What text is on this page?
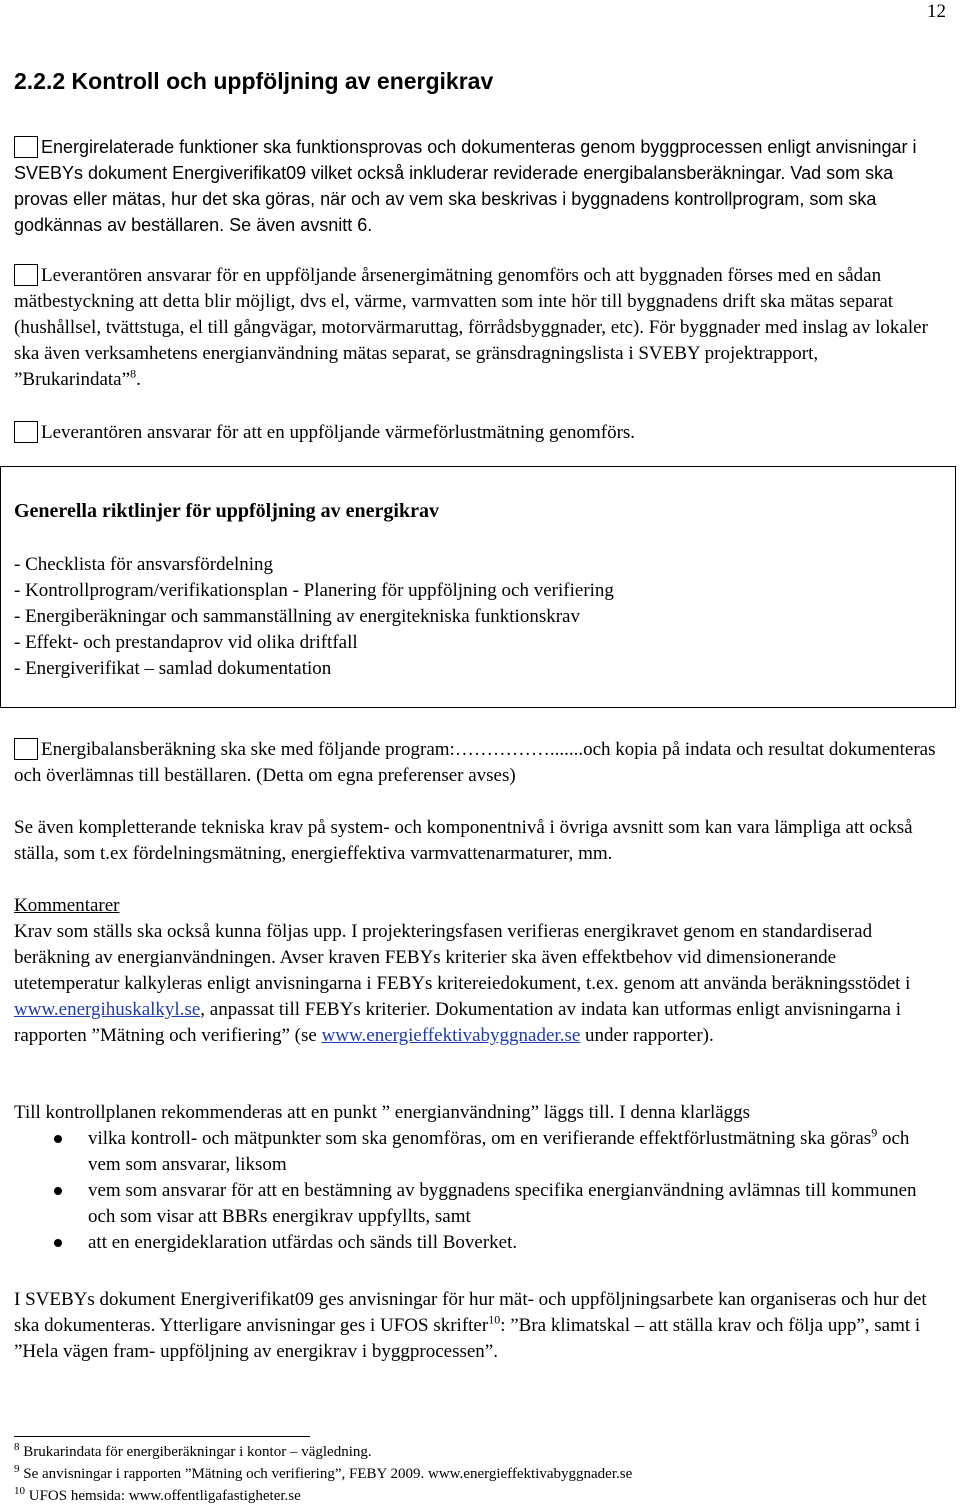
12
2.2.2 Kontroll och uppföljning av energikrav

Energirelaterade funktioner ska funktionsprovas och dokumenteras genom byggprocessen enligt anvisningar i SVEBYs dokument Energiverifikat09 vilket också inkluderar reviderade energibalansberäkningar. Vad som ska provas eller mätas, hur det ska göras, när och av vem ska beskrivas i byggnadens kontrollprogram, som ska godkännas av beställaren. Se även avsnitt 6.

Leverantören ansvarar för en uppföljande årsenergimätning genomförs och att byggnaden förses med en sådan mätbestyckning att detta blir möjligt, dvs el, värme, varmvatten som inte hör till byggnadens drift ska mätas separat (hushållsel, tvättstuga, el till gångvägar, motorvärmaruttag, förrådsbyggnader, etc). För byggnader med inslag av lokaler ska även verksamhetens energianvändning mätas separat, se gränsdragningslista i SVEBY projektrapport, ”Brukarindata”$^8$.

Leverantören ansvarar för att en uppföljande värmeförlustmätning genomförs.

Generella riktlinjer för uppföljning av energikrav
- Checklista för ansvarsfördelning
- Kontrollprogram/verifikationsplan - Planering för uppföljning och verifiering
- Energiberäkningar och sammanställning av energitekniska funktionskrav
- Effekt- och prestandaprov vid olika driftfall
- Energiverifikat – samlad dokumentation

Energibalansberäkning ska ske med följande program:…………….......och kopia på indata och resultat dokumenteras och överlämnas till beställaren. (Detta om egna preferenser avses)

Se även kompletterande tekniska krav på system- och komponentnivå i övriga avsnitt som kan vara lämpliga att också ställa, som t.ex fördelningsmätning, energieffektiva varmvattenarmaturer, mm.

Kommentarer

Krav som ställs ska också kunna följas upp. I projekteringsfasen verifieras energikravet genom en standardiserad beräkning av energianvändningen. Avser kraven FEBYs kriterier ska även effektbehov vid dimensionerande utetemperatur kalkyleras enligt anvisningarna i FEBYs kritereiedokument, t.ex. genom att använda beräkningsstödet i www.energihuskalkyl.se, anpassat till FEBYs kriterier. Dokumentation av indata kan utformas enligt anvisningarna i rapporten ”Mätning och verifiering” (se www.energieffektivabyggnader.se under rapporter).

Till kontrollplanen rekommenderas att en punkt ” energianvändning” läggs till. I denna klarläggs

vilka kontroll- och mätpunkter som ska genomföras, om en verifierande effektförlustmätning ska göras$^9$ och vem som ansvarar, liksom
vem som ansvarar för att en bestämning av byggnadens specifika energianvändning avlämnas till kommunen och som visar att BBRs energikrav uppfyllts, samt
att en energideklaration utfärdas och sänds till Boverket.

I SVEBYs dokument Energiverifikat09 ges anvisningar för hur mät- och uppföljningsarbete kan organiseras och hur det ska dokumenteras. Ytterligare anvisningar ges i UFOS skrifter$^{10}$: ”Bra klimatskal – att ställa krav och följa upp”, samt i ”Hela vägen fram- uppföljning av energikrav i byggprocessen”.

$^8$ Brukarindata för energiberäkningar i kontor – vägledning.
$^9$ Se anvisningar i rapporten ”Mätning och verifiering”, FEBY 2009. www.energieffektivabyggnader.se
$^{10}$ UFOS hemsida: www.offentligafastigheter.se
